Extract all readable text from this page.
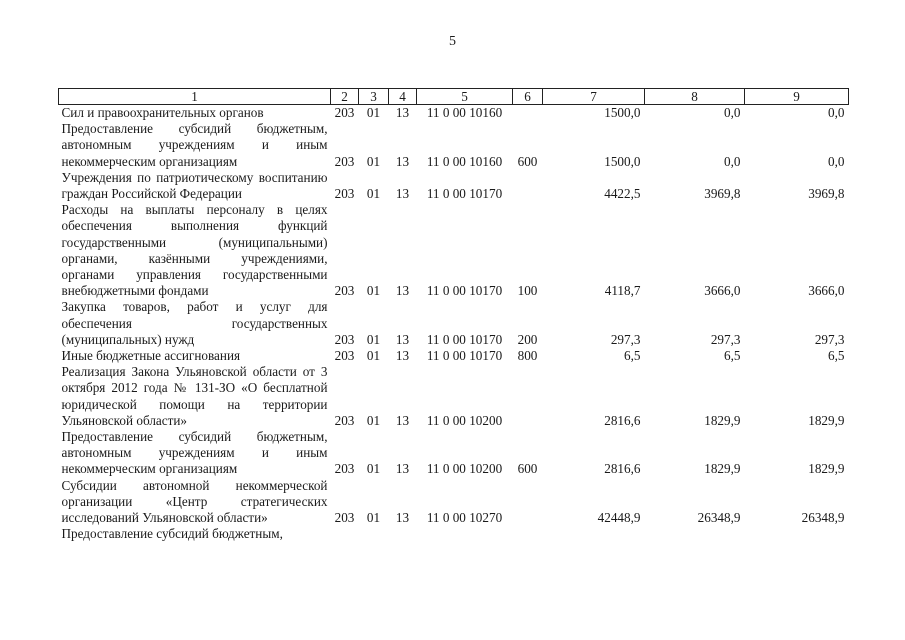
5
1	2	3	4	5	6	7	8	9
Сил и правоохранительных органов	203	01	13	11 0 00 10160		1500,0	0,0	0,0
Предоставление субсидий бюджетным, автономным учреждениям и иным некоммерческим организациям	203	01	13	11 0 00 10160	600	1500,0	0,0	0,0
Учреждения по патриотическому воспитанию граждан Российской Федерации	203	01	13	11 0 00 10170		4422,5	3969,8	3969,8
Расходы на выплаты персоналу в целях обеспечения выполнения функций государственными (муниципальными) органами, казёнными учреждениями, органами управления государственными внебюджетными фондами	203	01	13	11 0 00 10170	100	4118,7	3666,0	3666,0
Закупка товаров, работ и услуг для обеспечения государственных (муниципальных) нужд	203	01	13	11 0 00 10170	200	297,3	297,3	297,3
Иные бюджетные ассигнования	203	01	13	11 0 00 10170	800	6,5	6,5	6,5
Реализация Закона Ульяновской области от 3 октября 2012 года № 131-ЗО «О бесплатной юридической помощи на территории Ульяновской области»	203	01	13	11 0 00 10200		2816,6	1829,9	1829,9
Предоставление субсидий бюджетным, автономным учреждениям и иным некоммерческим организациям	203	01	13	11 0 00 10200	600	2816,6	1829,9	1829,9
Субсидии автономной некоммерческой организации «Центр стратегических исследований Ульяновской области»	203	01	13	11 0 00 10270		42448,9	26348,9	26348,9
Предоставление субсидий бюджетным,								
